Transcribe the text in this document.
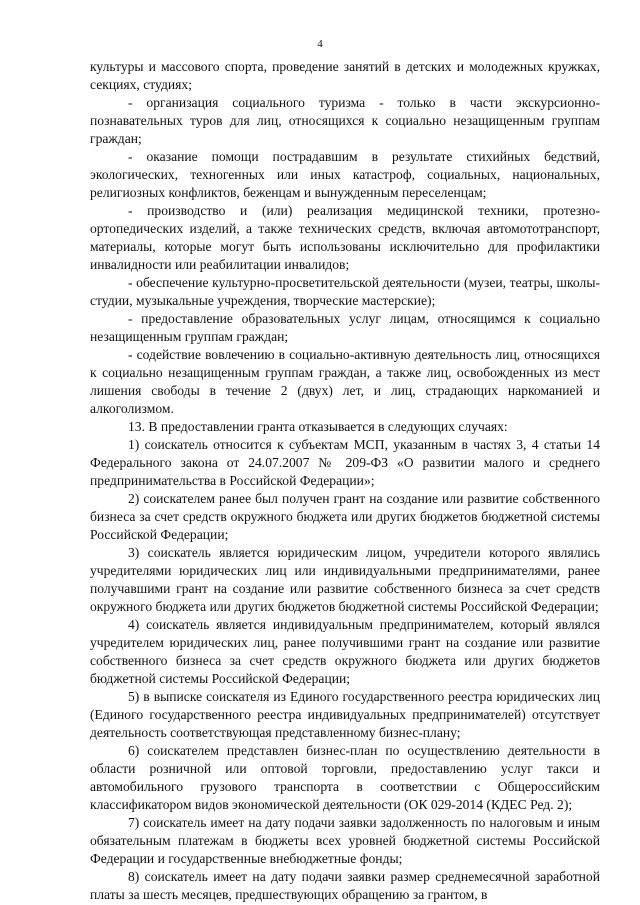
4

культуры и массового спорта, проведение занятий в детских и молодежных кружках, секциях, студиях;

- организация социального туризма - только в части экскурсионно-познавательных туров для лиц, относящихся к социально незащищенным группам граждан;

- оказание помощи пострадавшим в результате стихийных бедствий, экологических, техногенных или иных катастроф, социальных, национальных, религиозных конфликтов, беженцам и вынужденным переселенцам;

- производство и (или) реализация медицинской техники, протезно-ортопедических изделий, а также технических средств, включая автомототранспорт, материалы, которые могут быть использованы исключительно для профилактики инвалидности или реабилитации инвалидов;

- обеспечение культурно-просветительской деятельности (музеи, театры, школы-студии, музыкальные учреждения, творческие мастерские);

- предоставление образовательных услуг лицам, относящимся к социально незащищенным группам граждан;

- содействие вовлечению в социально-активную деятельность лиц, относящихся к социально незащищенным группам граждан, а также лиц, освобожденных из мест лишения свободы в течение 2 (двух) лет, и лиц, страдающих наркоманией и алкоголизмом.

13. В предоставлении гранта отказывается в следующих случаях:

1) соискатель относится к субъектам МСП, указанным в частях 3, 4 статьи 14 Федерального закона от 24.07.2007 № 209-ФЗ «О развитии малого и среднего предпринимательства в Российской Федерации»;

2) соискателем ранее был получен грант на создание или развитие собственного бизнеса за счет средств окружного бюджета или других бюджетов бюджетной системы Российской Федерации;

3) соискатель является юридическим лицом, учредители которого являлись учредителями юридических лиц или индивидуальными предпринимателями, ранее получавшими грант на создание или развитие собственного бизнеса за счет средств окружного бюджета или других бюджетов бюджетной системы Российской Федерации;

4) соискатель является индивидуальным предпринимателем, который являлся учредителем юридических лиц, ранее получившими грант на создание или развитие собственного бизнеса за счет средств окружного бюджета или других бюджетов бюджетной системы Российской Федерации;

5) в выписке соискателя из Единого государственного реестра юридических лиц (Единого государственного реестра индивидуальных предпринимателей) отсутствует деятельность соответствующая представленному бизнес-плану;

6) соискателем представлен бизнес-план по осуществлению деятельности в области розничной или оптовой торговли, предоставлению услуг такси и автомобильного грузового транспорта в соответствии с Общероссийским классификатором видов экономической деятельности (ОК 029-2014 (КДЕС Ред. 2);

7) соискатель имеет на дату подачи заявки задолженность по налоговым и иным обязательным платежам в бюджеты всех уровней бюджетной системы Российской Федерации и государственные внебюджетные фонды;

8) соискатель имеет на дату подачи заявки размер среднемесячной заработной платы за шесть месяцев, предшествующих обращению за грантом, в
